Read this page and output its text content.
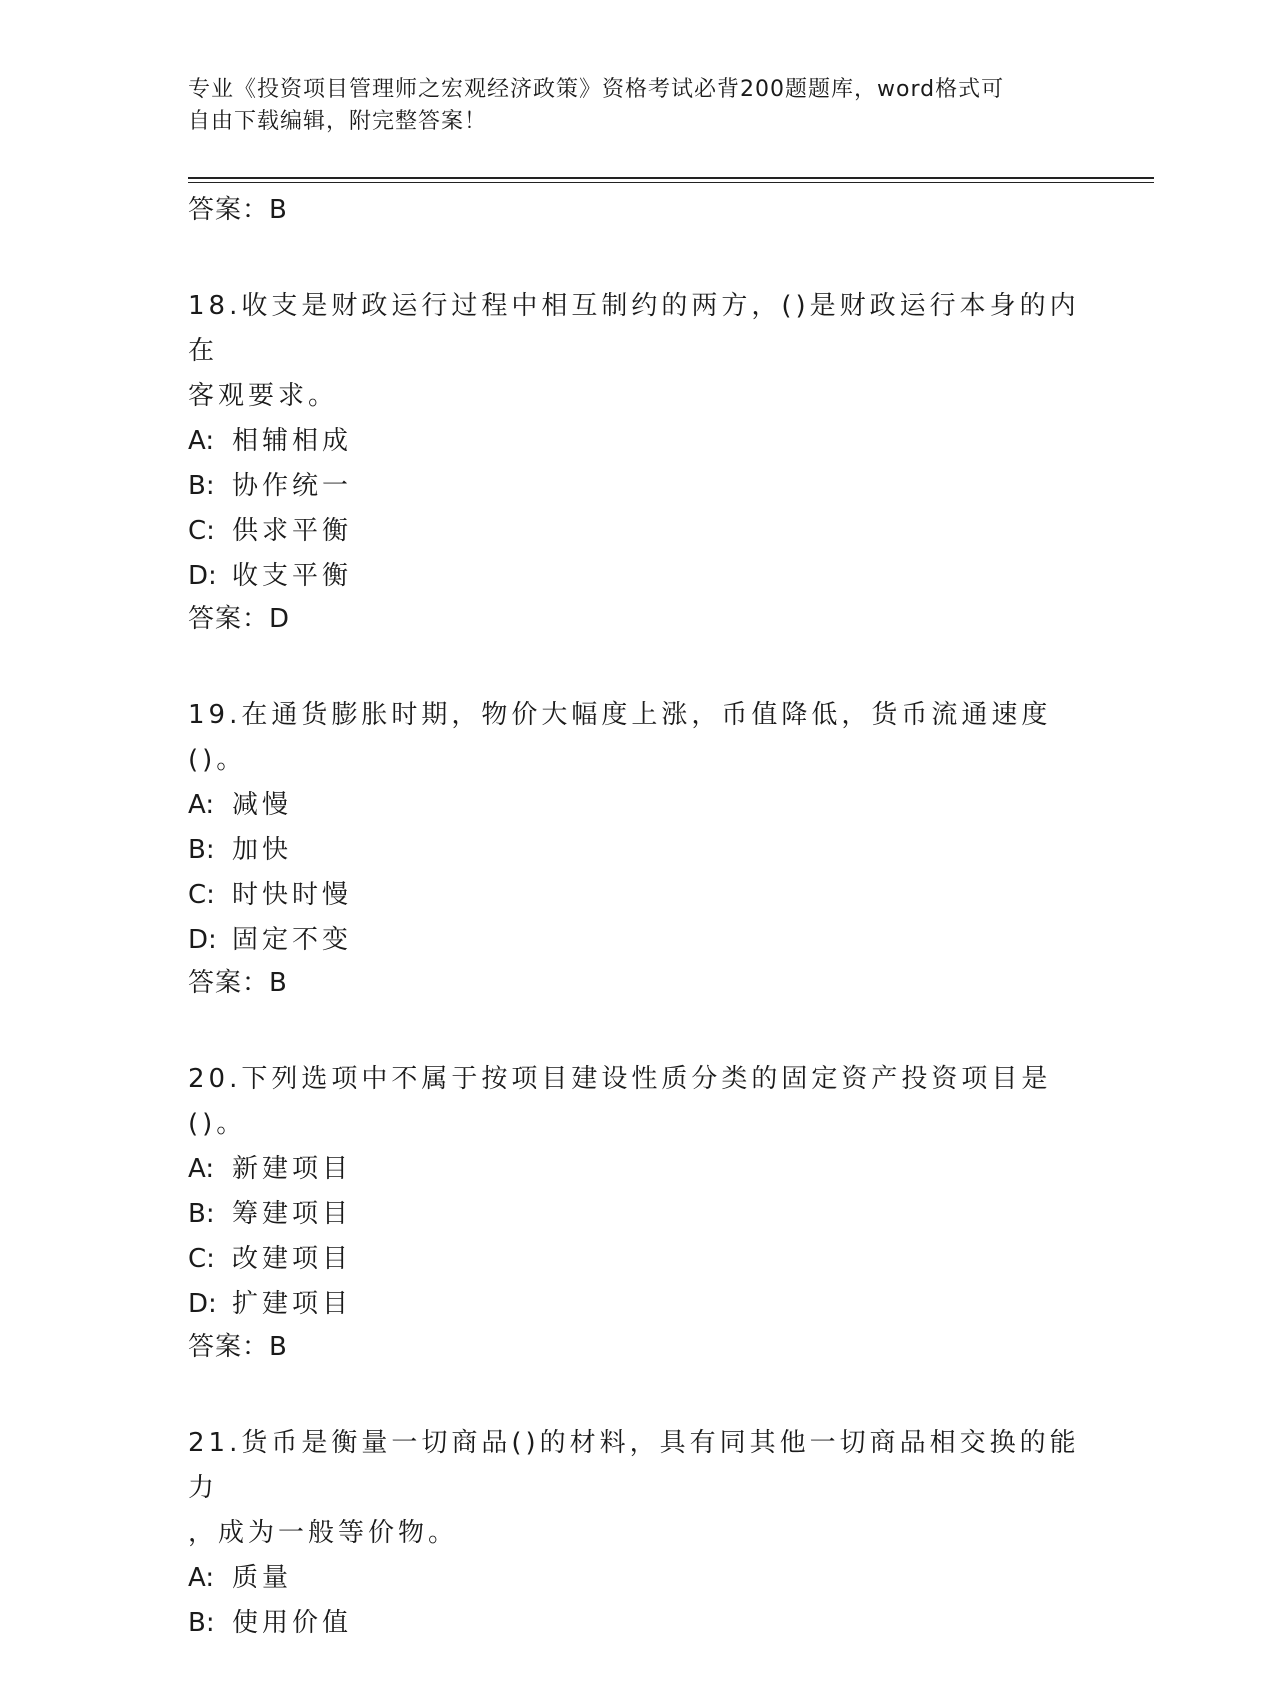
专业《投资项目管理师之宏观经济政策》资格考试必背200题题库，word格式可
自由下载编辑，附完整答案！

答案：B

18.收支是财政运行过程中相互制约的两方，()是财政运行本身的内在
客观要求。

A: 相辅相成

B: 协作统一

C: 供求平衡

D: 收支平衡

答案：D

19.在通货膨胀时期，物价大幅度上涨，币值降低，货币流通速度()。

A: 减慢

B: 加快

C: 时快时慢

D: 固定不变

答案：B

20.下列选项中不属于按项目建设性质分类的固定资产投资项目是()。

A: 新建项目

B: 筹建项目

C: 改建项目

D: 扩建项目

答案：B

21.货币是衡量一切商品()的材料，具有同其他一切商品相交换的能力
，成为一般等价物。

A: 质量

B: 使用价值
